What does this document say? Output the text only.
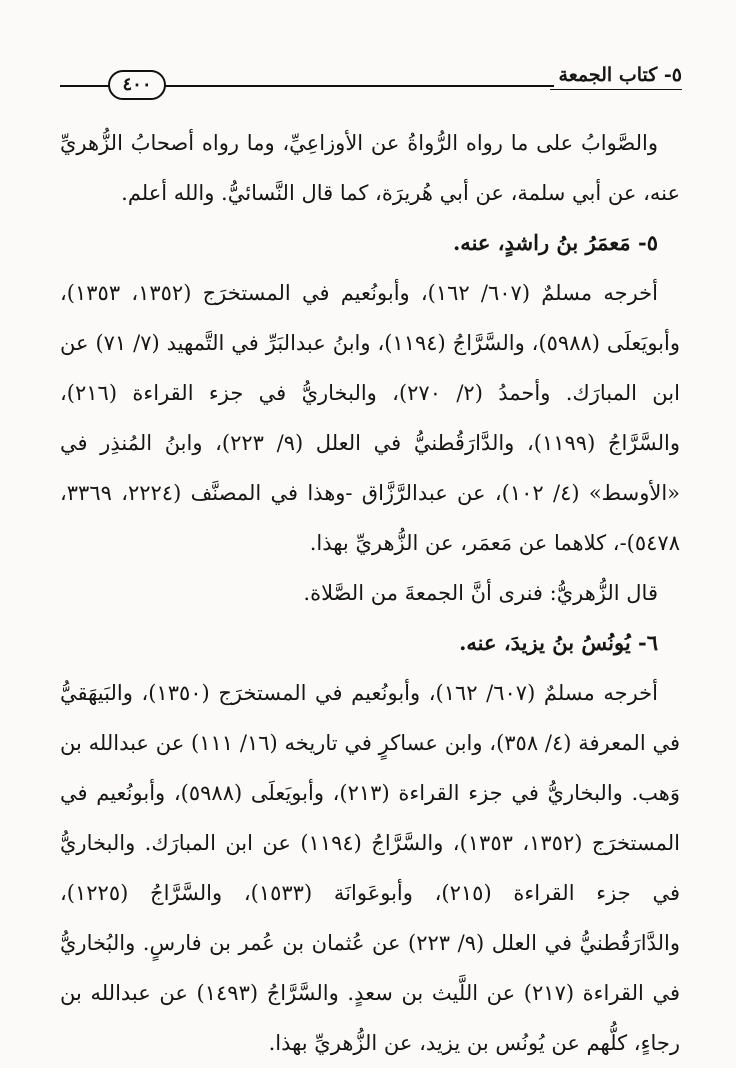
٥- كتاب الجمعة
٤٠٠

والصَّوابُ على ما رواه الرُّواةُ عن الأوزاعِيِّ، وما رواه أصحابُ الزُّهريِّ عنه، عن أبي سلمة، عن أبي هُريرَة، كما قال النَّسائيُّ. والله أعلم.

٥- مَعمَرُ بنُ راشدٍ، عنه.

أخرجه مسلمٌ (٦٠٧/ ١٦٢)، وأبونُعيم في المستخرَج (١٣٥٢، ١٣٥٣)، وأبويَعلَى (٥٩٨٨)، والسَّرَّاجُ (١١٩٤)، وابنُ عبدالبَرِّ في التَّمهيد (٧/ ٧١) عن ابن المبارَك. وأحمدُ (٢/ ٢٧٠)، والبخاريُّ في جزء القراءة (٢١٦)، والسَّرَّاجُ (١١٩٩)، والدَّارَقُطنيُّ في العلل (٩/ ٢٢٣)، وابنُ المُنذِر في «الأوسط» (٤/ ١٠٢)، عن عبدالرَّزَّاق -وهذا في المصنَّف (٢٢٢٤، ٣٣٦٩، ٥٤٧٨)-، كلاهما عن مَعمَر، عن الزُّهريِّ بهذا.

قال الزُّهريُّ: فنرى أنَّ الجمعةَ من الصَّلاة.

٦- يُونُسُ بنُ يزيدَ، عنه.

أخرجه مسلمٌ (٦٠٧/ ١٦٢)، وأبونُعيم في المستخرَج (١٣٥٠)، والبَيهَقيُّ في المعرفة (٤/ ٣٥٨)، وابن عساكرٍ في تاريخه (١٦/ ١١١) عن عبدالله بن وَهب. والبخاريُّ في جزء القراءة (٢١٣)، وأبويَعلَى (٥٩٨٨)، وأبونُعيم في المستخرَج (١٣٥٢، ١٣٥٣)، والسَّرَّاجُ (١١٩٤) عن ابن المبارَك. والبخاريُّ في جزء القراءة (٢١٥)، وأبوعَوانَة (١٥٣٣)، والسَّرَّاجُ (١٢٢٥)، والدَّارَقُطنيُّ في العلل (٩/ ٢٢٣) عن عُثمان بن عُمر بن فارسٍ. والبُخاريُّ في القراءة (٢١٧) عن اللَّيث بن سعدٍ. والسَّرَّاجُ (١٤٩٣) عن عبدالله بن رجاءٍ، كلُّهم عن يُونُس بن يزيد، عن الزُّهريِّ بهذا.
